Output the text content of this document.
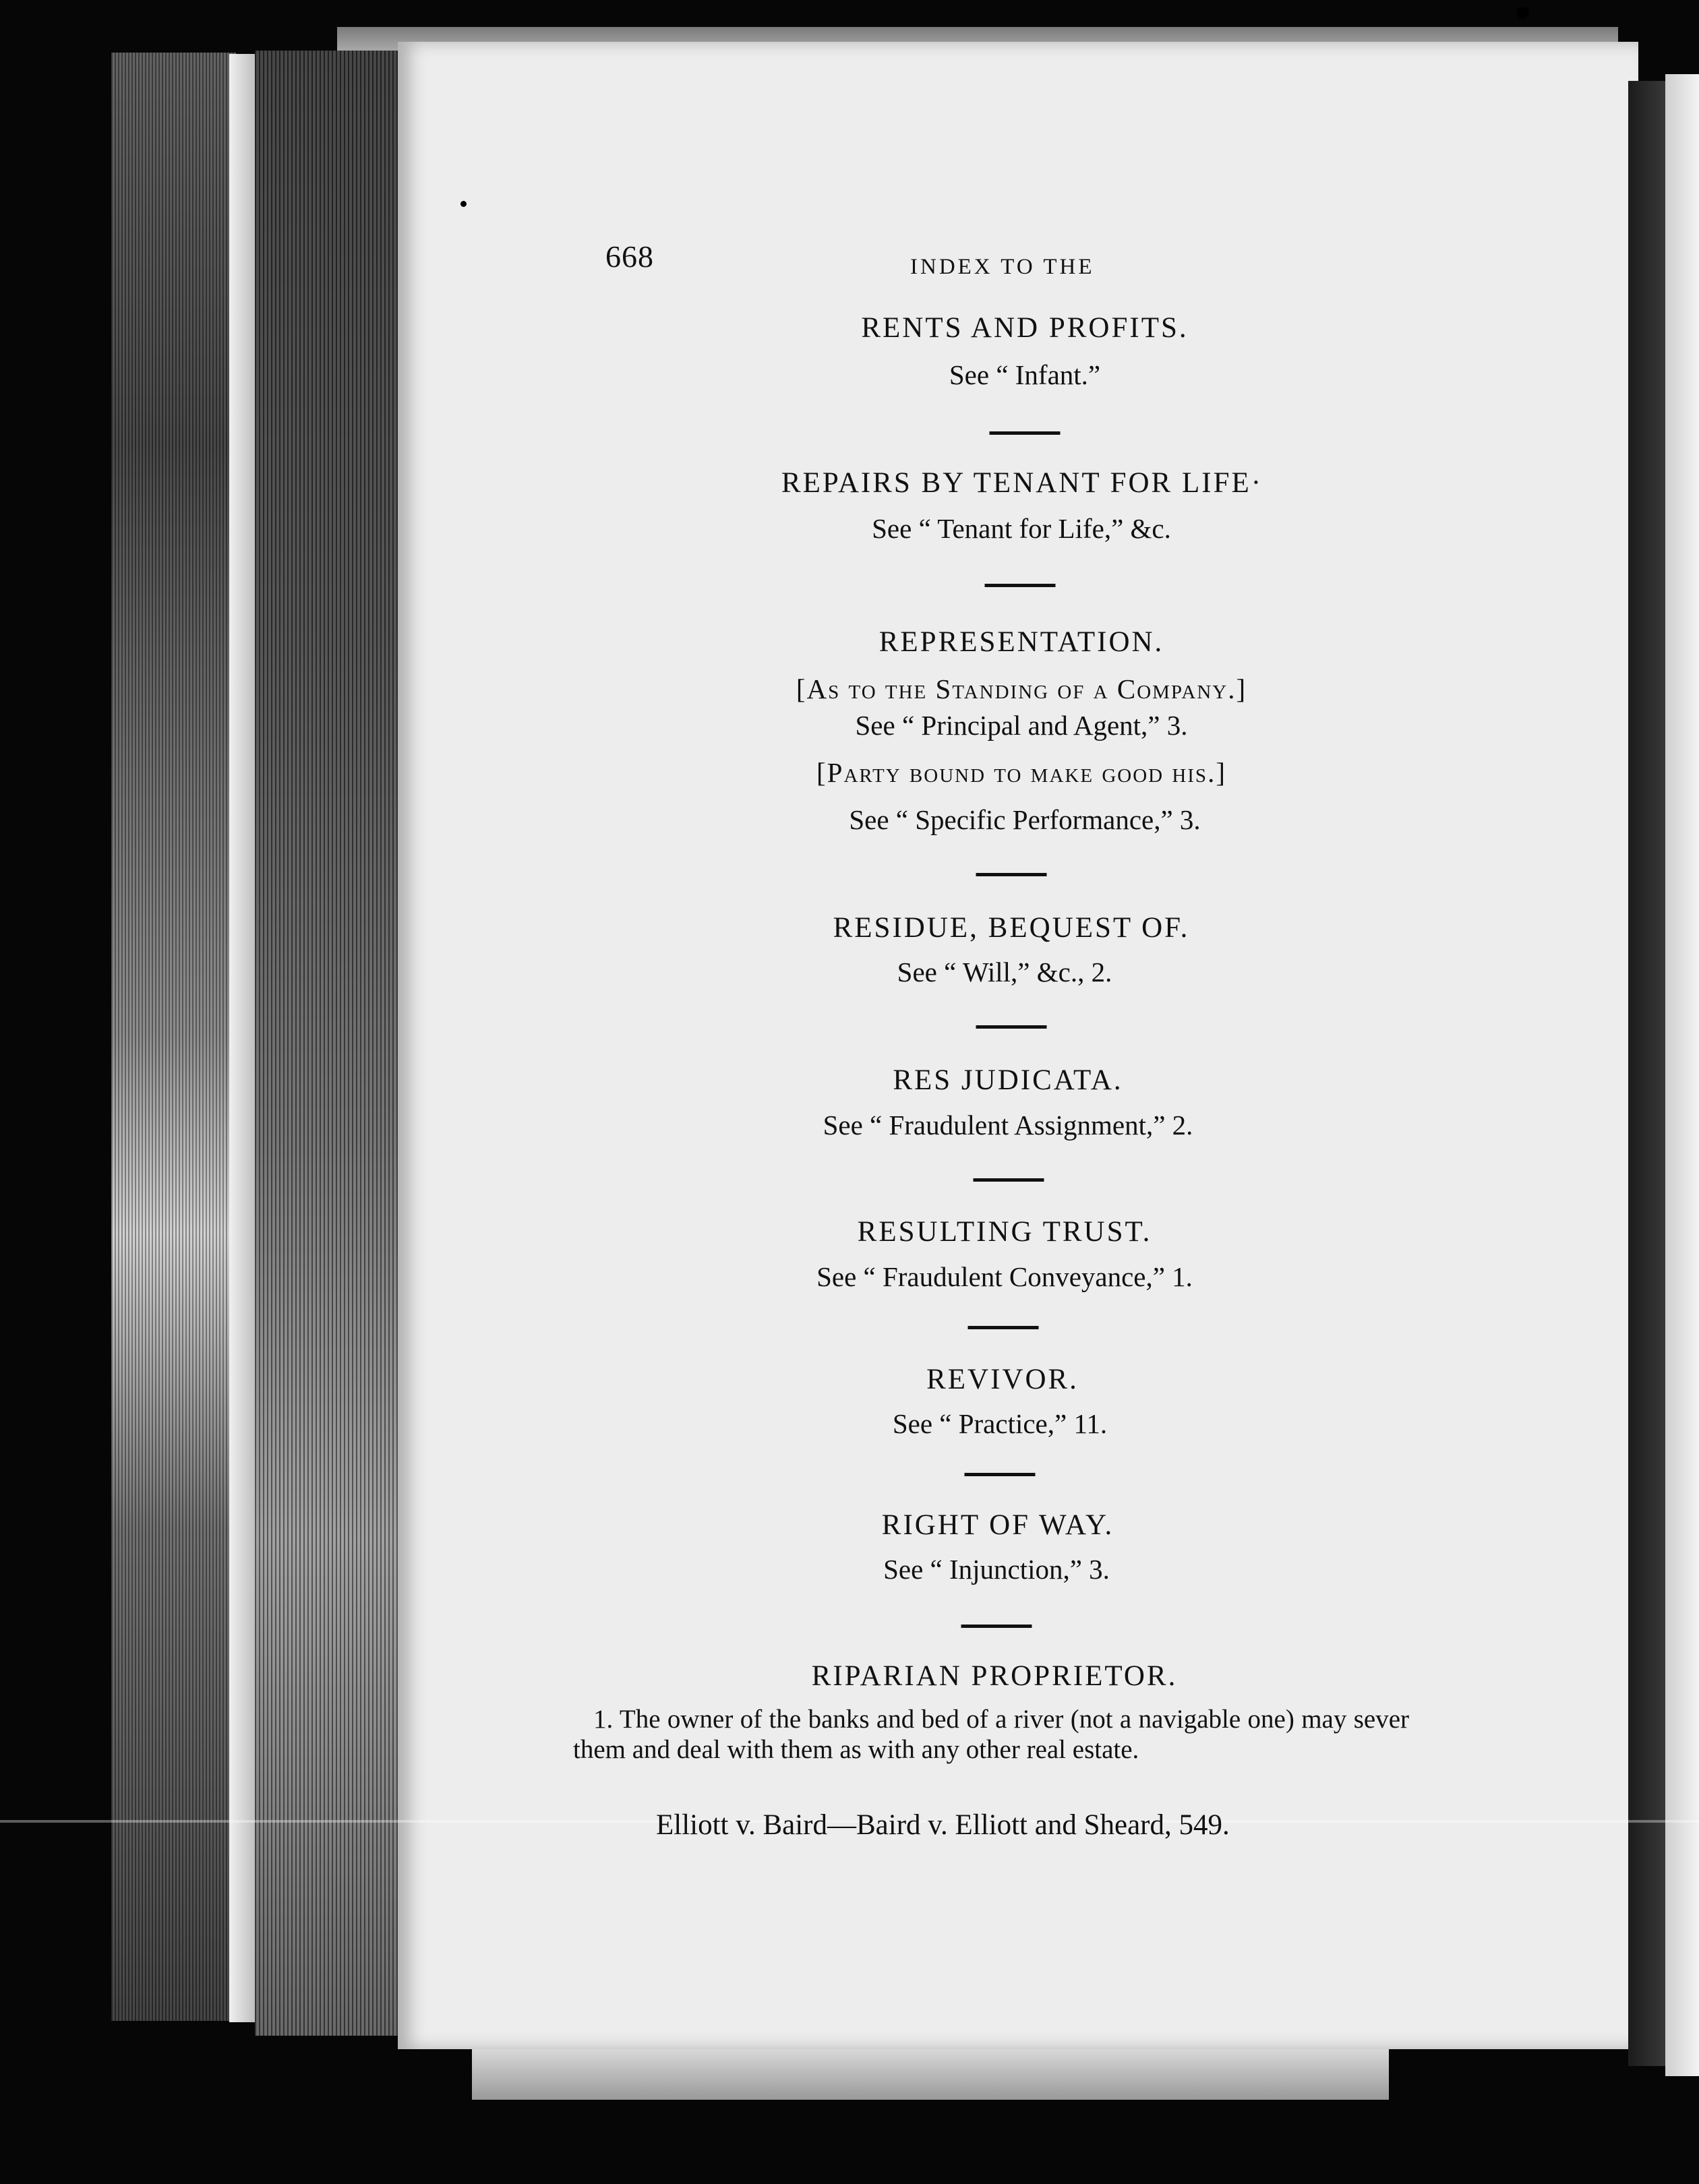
668	INDEX TO THE

RENTS AND PROFITS.

See “ Infant.”

REPAIRS BY TENANT FOR LIFE·

See “ Tenant for Life,” &c.

REPRESENTATION.

[As to the Standing of a Company.]

See “ Principal and Agent,” 3.

[Party bound to make good his.]

See “ Specific Performance,” 3.

RESIDUE, BEQUEST OF.

See “ Will,” &c., 2.

RES JUDICATA.

See “ Fraudulent Assignment,” 2.

RESULTING TRUST.

See “ Fraudulent Conveyance,” 1.

REVIVOR.

See “ Practice,” 11.

RIGHT OF WAY.

See “ Injunction,” 3.

RIPARIAN PROPRIETOR.

1. The owner of the banks and bed of a river (not a navigable one) may sever them and deal with them as with any other real estate.

Elliott v. Baird—Baird v. Elliott and Sheard, 549.
